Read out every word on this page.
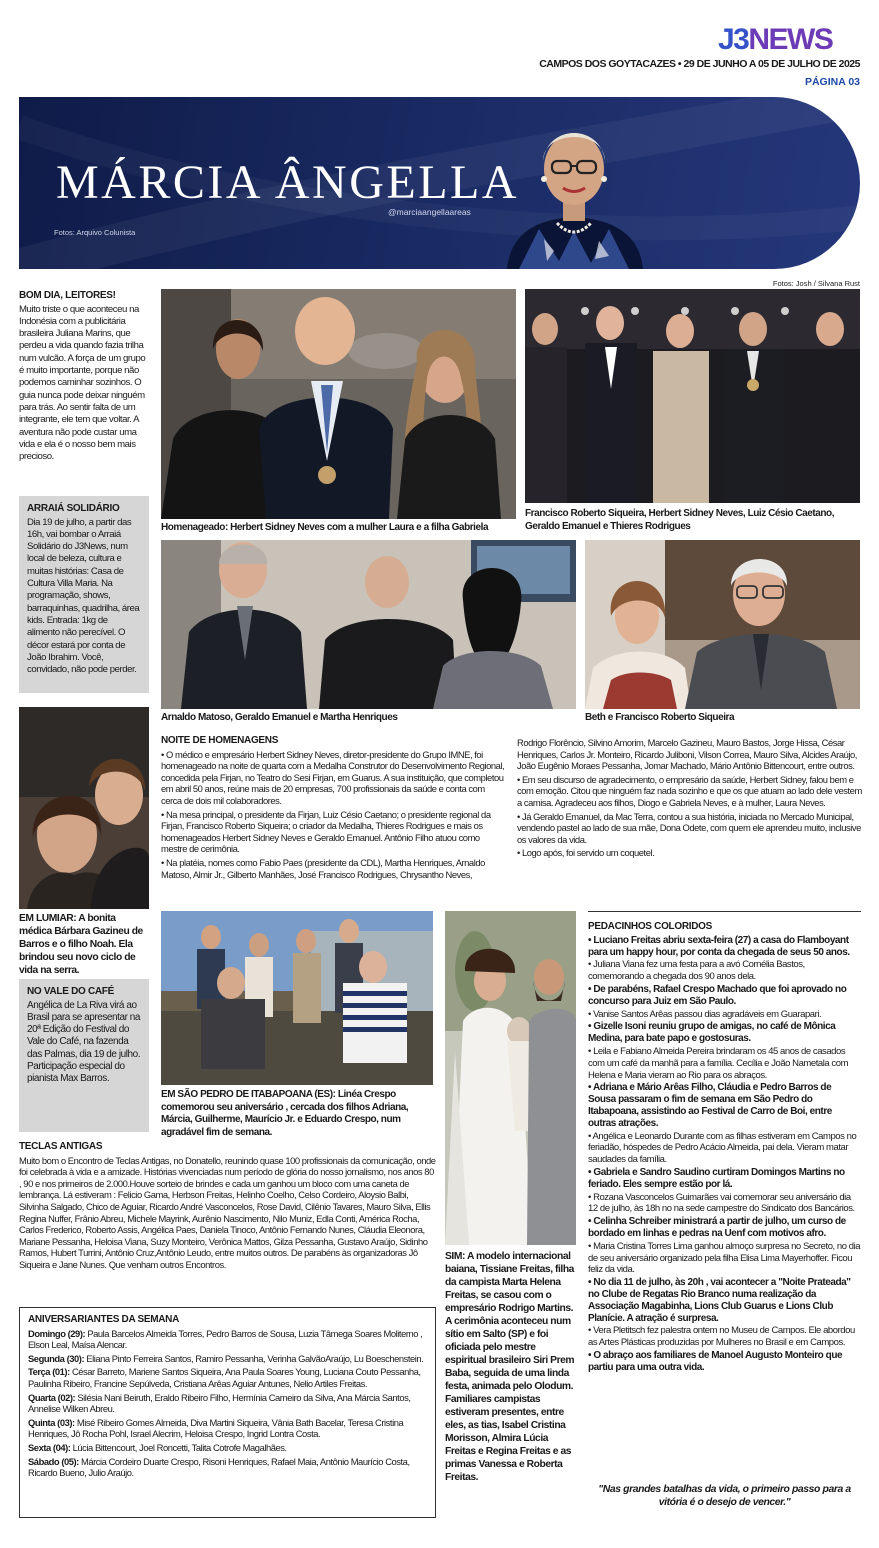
J3NEWS
CAMPOS DOS GOYTACAZES • 29 DE JUNHO A 05 DE JULHO DE 2025
PÁGINA 03
MÁRCIA ÂNGELLA
@marciaangellaareas
Fotos: Arquivo Colunista
BOM DIA, LEITORES!

Muito triste o que aconteceu na Indonésia com a publicitária brasileira Juliana Marins, que perdeu a vida quando fazia trilha num vulcão. A força de um grupo é muito importante, porque não podemos caminhar sozinhos. O guia nunca pode deixar ninguém para trás. Ao sentir falta de um integrante, ele tem que voltar. A aventura não pode custar uma vida e ela é o nosso bem mais precioso.

ARRAIÁ SOLIDÁRIO

Dia 19 de julho, a partir das 16h, vai bombar o Arraiá Solidário do J3News, num local de beleza, cultura e muitas histórias: Casa de Cultura Villa Maria. Na programação, shows, barraquinhas, quadrilha, área kids. Entrada: 1kg de alimento não perecível. O décor estará por conta de João Ibrahim. Você, convidado, não pode perder.

EM LUMIAR: A bonita médica Bárbara Gazineu de Barros e o filho Noah. Ela brindou seu novo ciclo de vida na serra.
NO VALE DO CAFÉ

Angélica de La Riva virá ao Brasil para se apresentar na 20ª Edição do Festival do Vale do Café, na fazenda das Palmas, dia 19 de julho. Participação especial do pianista Max Barros.

Fotos: Josh / Silvana Rust
Homenageado: Herbert Sidney Neves com a mulher Laura e a filha Gabriela
Francisco Roberto Siqueira, Herbert Sidney Neves, Luiz Césio Caetano, Geraldo Emanuel e Thieres Rodrigues
Arnaldo Matoso, Geraldo Emanuel e Martha Henriques	Beth e Francisco Roberto Siqueira
NOITE DE HOMENAGENS

• O médico e empresário Herbert Sidney Neves, diretor-presidente do Grupo IMNE, foi homenageado na noite de quarta com a Medalha Construtor do Desenvolvimento Regional, concedida pela Firjan, no Teatro do Sesi Firjan, em Guarus. A sua instituição, que completou em abril 50 anos, reúne mais de 20 empresas, 700 profissionais da saúde e conta com cerca de dois mil colaboradores.

• Na mesa principal, o presidente da Firjan, Luiz Césio Caetano; o presidente regional da Firjan, Francisco Roberto Siqueira; o criador da Medalha, Thieres Rodrigues e mais os homenageados Herbert Sidney Neves e Geraldo Emanuel. Antônio Filho atuou como mestre de cerimônia.

• Na platéia, nomes como Fabio Paes (presidente da CDL), Martha Henriques, Arnaldo Matoso, Almir Jr., Gilberto Manhães, José Francisco Rodrigues, Chrysantho Neves,

Rodrigo Florêncio, Silvino Amorim, Marcelo Gazineu, Mauro Bastos, Jorge Hissa, César Henriques, Carlos Jr. Monteiro, Ricardo Juliboni, Vilson Correa, Mauro Silva, Alcides Araújo, João Eugênio Moraes Pessanha, Jomar Machado, Mário Antônio Bittencourt, entre outros.

• Em seu discurso de agradecimento, o empresário da saúde, Herbert Sidney, falou bem e com emoção. Citou que ninguém faz nada sozinho e que os que atuam ao lado dele vestem a camisa. Agradeceu aos filhos, Diogo e Gabriela Neves, e à mulher, Laura Neves.

• Já Geraldo Emanuel, da Mac Terra, contou a sua história, iniciada no Mercado Municipal, vendendo pastel ao lado de sua mãe, Dona Odete, com quem ele aprendeu muito, inclusive os valores da vida.

• Logo após, foi servido um coquetel.

EM SÃO PEDRO DE ITABAPOANA (ES): Linéa Crespo comemorou seu aniversário , cercada dos filhos Adriana, Márcia, Guilherme, Maurício Jr. e Eduardo Crespo, num agradável fim de semana.
SIM: A modelo internacional baiana, Tissiane Freitas, filha da campista Marta Helena Freitas, se casou com o empresário Rodrigo Martins. A cerimônia aconteceu num sítio em Salto (SP) e foi oficiada pelo mestre espiritual brasileiro Siri Prem Baba, seguida de uma linda festa, animada pelo Olodum. Familiares campistas estiveram presentes, entre eles, as tias, Isabel Cristina Morisson, Almira Lúcia Freitas e Regina Freitas e as primas Vanessa e Roberta Freitas.
TECLAS ANTIGAS

Muito bom o Encontro de Teclas Antigas, no Donatello, reunindo quase 100 profissionais da comunicação, onde foi celebrada à vida e a amizade. Histórias vivenciadas num período de glória do nosso jornalismo, nos anos 80 , 90 e nos primeiros de 2.000.Houve sorteio de brindes e cada um ganhou um bloco com uma caneta de lembrança. Lá estiveram : Felicio Gama, Herbson Freitas, Helinho Coelho, Celso Cordeiro, Aloysio Balbi, Silvinha Salgado, Chico de Aguiar, Ricardo André Vasconcelos, Rose David, Cilênio Tavares, Mauro Silva, Ellis Regina Nuffer, Frânio Abreu, Michele Mayrink, Aurênio Nascimento, Nilo Muniz, Edla Conti, América Rocha, Carlos Frederico, Roberto Assis, Angélica Paes, Daniela Tinoco, Antônio Fernando Nunes, Cláudia Eleonora, Mariane Pessanha, Heloisa Viana, Suzy Monteiro, Verônica Mattos, Gilza Pessanha, Gustavo Araújo, Sidinho Ramos, Hubert Turrini, Antônio Cruz,Antônio Leudo, entre muitos outros. De parabéns às organizadoras Jô Siqueira e Jane Nunes. Que venham outros Encontros.

ANIVERSARIANTES DA SEMANA

Domingo (29): Paula Barcelos Almeida Torres, Pedro Barros de Sousa, Luzia Tâmega Soares Moliterno , Elson Leal, Maísa Alencar.

Segunda (30): Eliana Pinto Ferreira Santos, Ramiro Pessanha, Verinha GalvãoAraújo, Lu Boeschenstein.

Terça (01): César Barreto, Mariene Santos Siqueira, Ana Paula Soares Young, Luciana Couto Pessanha, Paulinha Ribeiro, Francine Sepúlveda, Cristiana Arêas Aguiar Antunes, Nelio Artiles Freitas.

Quarta (02): Silésia Nani Beiruth, Eraldo Ribeiro Filho, Hermínia Carneiro da Silva, Ana Márcia Santos, Annelise Wilken Abreu.

Quinta (03): Misé Ribeiro Gomes Almeida, Diva Martini Siqueira, Vânia Bath Bacelar, Teresa Cristina Henriques, Jô Rocha Pohl, Israel Alecrim, Heloisa Crespo, Ingrid Lontra Costa.

Sexta (04): Lúcia Bittencourt, Joel Roncetti, Talita Cotrofe Magalhães.

Sábado (05): Márcia Cordeiro Duarte Crespo, Risoni Henriques, Rafael Maia, Antônio Maurício Costa, Ricardo Bueno, Julio Araújo.

PEDACINHOS COLORIDOS

• Luciano Freitas abriu sexta-feira (27) a casa do Flamboyant para um happy hour, por conta da chegada de seus 50 anos.

• Juliana Viana fez uma festa para a avó Cornélia Bastos, comemorando a chegada dos 90 anos dela.

• De parabéns, Rafael Crespo Machado que foi aprovado no concurso para Juiz em São Paulo.

• Vanise Santos Arêas passou dias agradáveis em Guarapari.

• Gizelle Isoni reuniu grupo de amigas, no café de Mônica Medina, para bate papo e gostosuras.

• Leila e Fabiano Almeida Pereira brindaram os 45 anos de casados com um café da manhã para a família. Cecília e João Nametala com Helena e Maria vieram ao Rio para os abraços.

• Adriana e Mário Arêas Filho, Cláudia e Pedro Barros de Sousa passaram o fim de semana em São Pedro do Itabapoana, assistindo ao Festival de Carro de Boi, entre outras atrações.

• Angélica e Leonardo Durante com as filhas estiveram em Campos no feriadão, hóspedes de Pedro Acácio Almeida, pai dela. Vieram matar saudades da família.

• Gabriela e Sandro Saudino curtiram Domingos Martins no feriado. Eles sempre estão por lá.

• Rozana Vasconcelos Guimarães vai comemorar seu aniversário dia 12 de julho, às 18h no na sede campestre do Sindicato dos Bancários.

• Celinha Schreiber ministrará a partir de julho, um curso de bordado em linhas e pedras na Uenf com motivos afro.

• Maria Cristina Torres Lima ganhou almoço surpresa no Secreto, no dia de seu aniversário organizado pela filha Elisa Lima Mayerhoffer. Ficou feliz da vida.

• No dia 11 de julho, às 20h , vai acontecer a "Noite Prateada" no Clube de Regatas Rio Branco numa realização da Associação Magabinha, Lions Club Guarus e Lions Club Planície. A atração é surpresa.

• Vera Pletitsch fez palestra ontem no Museu de Campos. Ele abordou as Artes Plásticas produzidas por Mulheres no Brasil e em Campos.

• O abraço aos familiares de Manoel Augusto Monteiro que partiu para uma outra vida.

"Nas grandes batalhas da vida, o primeiro passo para a vitória é o desejo de vencer."
